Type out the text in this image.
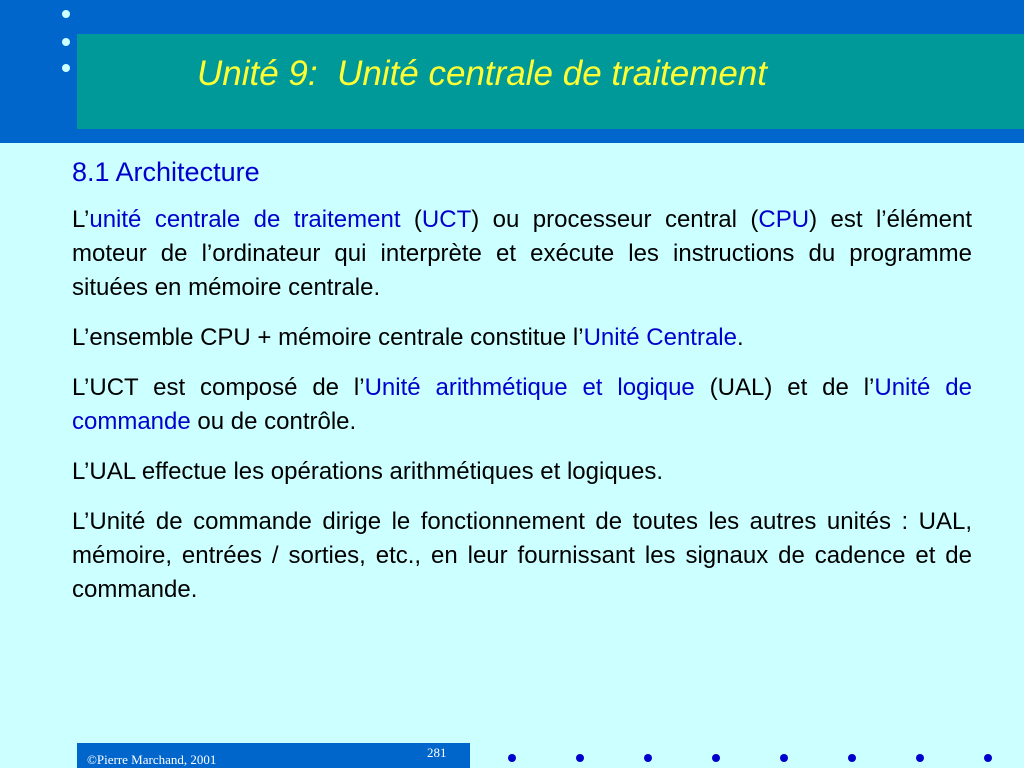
Unité 9:  Unité centrale de traitement
8.1 Architecture

L’unité centrale de traitement (UCT) ou processeur central (CPU) est l’élément moteur de l’ordinateur qui interprète et exécute les instructions du programme situées en mémoire centrale.

L’ensemble CPU + mémoire centrale constitue l’Unité Centrale.

L’UCT est composé de l’Unité arithmétique et logique (UAL) et de l’Unité de commande ou de contrôle.

L’UAL effectue les opérations arithmétiques et logiques.

L’Unité de commande dirige le fonctionnement de toutes les autres unités : UAL, mémoire, entrées / sorties, etc., en leur fournissant les signaux de cadence et de commande.

©Pierre Marchand, 2001	281
